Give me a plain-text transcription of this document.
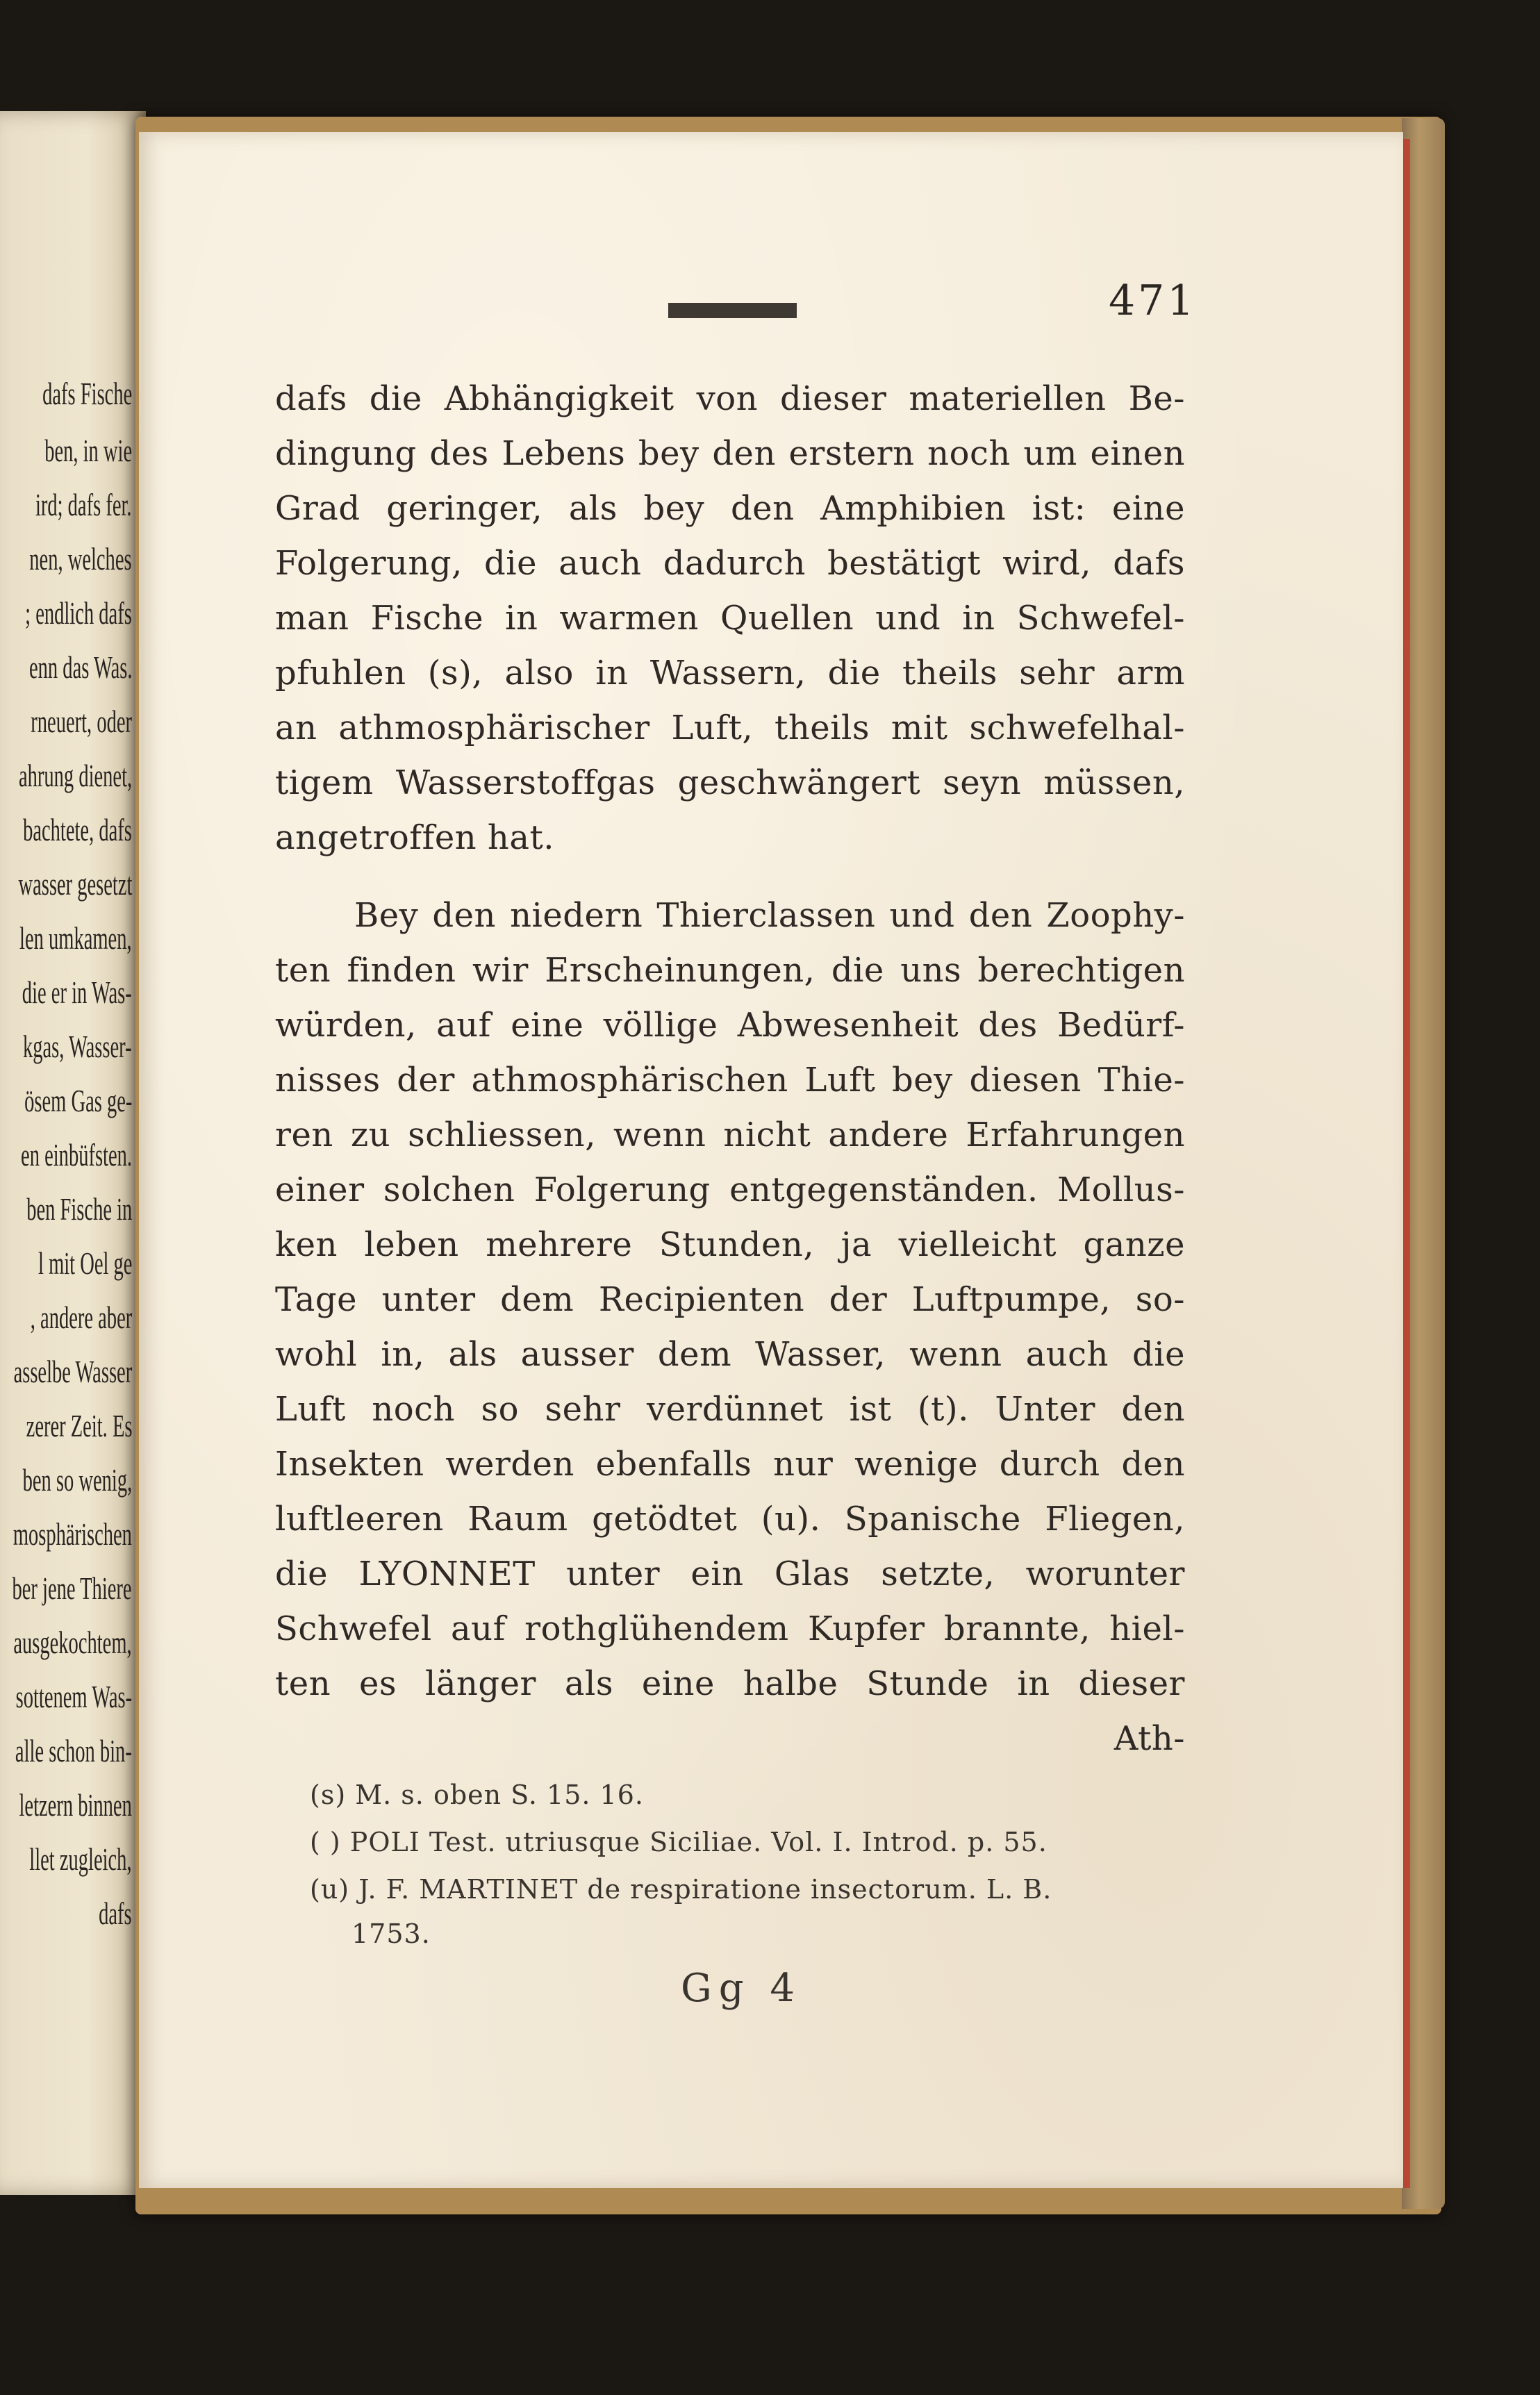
dafs Fische
ben, in wie
ird; dafs fer.
nen, welches
; endlich dafs
enn das Was.
rneuert, oder
ahrung dienet,
bachtete, dafs
wasser gesetzt
len umkamen,
die er in Was-
kgas, Wasser-
ösem Gas ge-
en einbüfsten.
ben Fische in
l mit Oel ge
, andere aber
asselbe Wasser
zerer Zeit. Es
ben so wenig,
mosphärischen
ber jene Thiere
ausgekochtem,
sottenem Was-
alle schon bin-
letzern binnen
llet zugleich,
dafs
471
dafs die Abhängigkeit von dieser materiellen Be-
dingung des Lebens bey den erstern noch um einen
Grad geringer, als bey den Amphibien ist: eine
Folgerung, die auch dadurch bestätigt wird, dafs
man Fische in warmen Quellen und in Schwefel-
pfuhlen (s), also in Wassern, die theils sehr arm
an athmosphärischer Luft, theils mit schwefelhal-
tigem Wasserstoffgas geschwängert seyn müssen,
angetroffen hat.
Bey den niedern Thierclassen und den Zoophy-
ten finden wir Erscheinungen, die uns berechtigen
würden, auf eine völlige Abwesenheit des Bedürf-
nisses der athmosphärischen Luft bey diesen Thie-
ren zu schliessen, wenn nicht andere Erfahrungen
einer solchen Folgerung entgegenständen. Mollus-
ken leben mehrere Stunden, ja vielleicht ganze
Tage unter dem Recipienten der Luftpumpe, so-
wohl in, als ausser dem Wasser, wenn auch die
Luft noch so sehr verdünnet ist (t). Unter den
Insekten werden ebenfalls nur wenige durch den
luftleeren Raum getödtet (u). Spanische Fliegen,
die LYONNET unter ein Glas setzte, worunter
Schwefel auf rothglühendem Kupfer brannte, hiel-
ten es länger als eine halbe Stunde in dieser
Ath-
(s) M. s. oben S. 15. 16.
( ) POLI Test. utriusque Siciliae. Vol. I. Introd. p. 55.
(u) J. F. MARTINET de respiratione insectorum. L. B.
1753.
Gg 4
